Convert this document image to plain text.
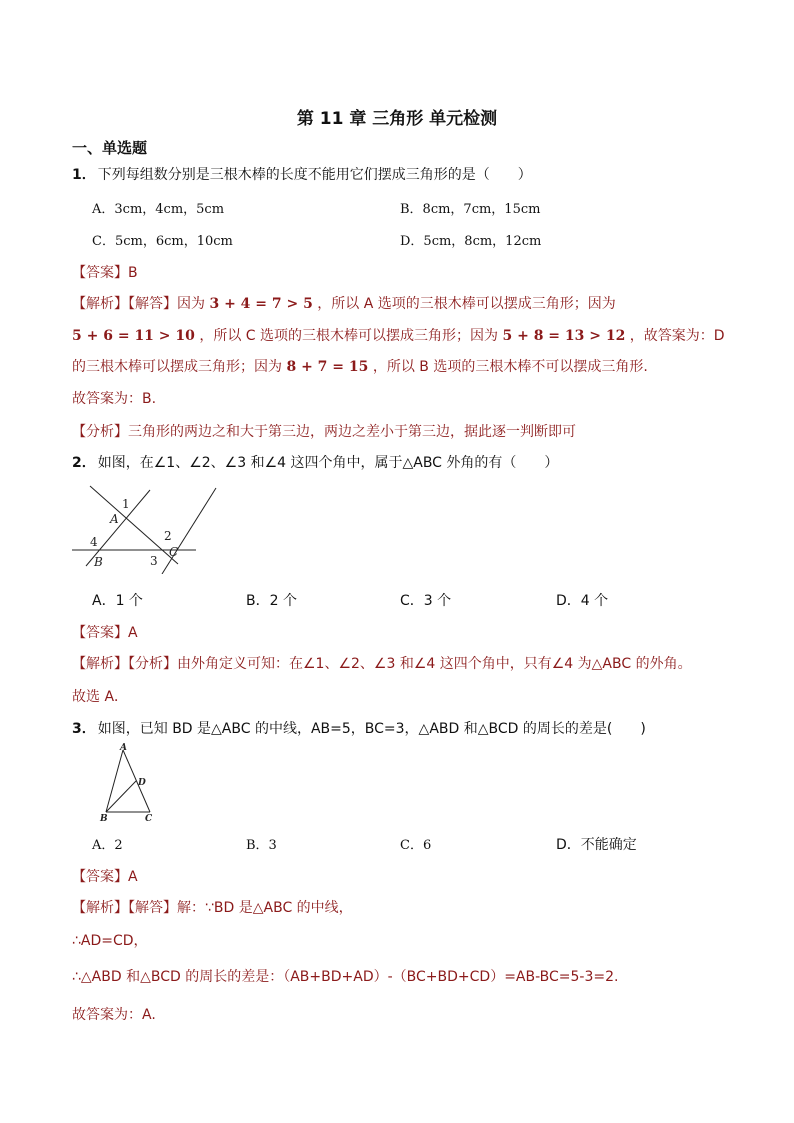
第 11 章 三角形 单元检测
一、单选题
1． 下列每组数分别是三根木棒的长度不能用它们摆成三角形的是（　　）
A．3cm，4cm，5cm	B．8cm，7cm，15cm
C．5cm，6cm，10cm	D．5cm，8cm，12cm
【答案】B
【解析】【解答】因为 3 + 4 = 7 > 5 ，所以 A 选项的三根木棒可以摆成三角形；因为
5 + 6 = 11 > 10 ，所以 C 选项的三根木棒可以摆成三角形；因为 5 + 8 = 13 > 12 ，故答案为：D
的三根木棒可以摆成三角形；因为 8 + 7 = 15 ，所以 B 选项的三根木棒不可以摆成三角形.
故答案为：B.
【分析】三角形的两边之和大于第三边，两边之差小于第三边，据此逐一判断即可
2． 如图，在∠1、∠2、∠3 和∠4 这四个角中，属于△ABC 外角的有（　　）
1
A
2
4
B	3
C
A．1 个	B．2 个	C．3 个	D．4 个
【答案】A
【解析】【分析】由外角定义可知：在∠1、∠2、∠3 和∠4 这四个角中，只有∠4 为△ABC 的外角。
故选 A．
3． 如图，已知 BD 是△ABC 的中线，AB=5，BC=3，△ABD 和△BCD 的周长的差是(　　)
A
D
B	C
A．2	B．3	C．6	D．不能确定
【答案】A
【解析】【解答】解：∵BD 是△ABC 的中线，
∴AD=CD，
∴△ABD 和△BCD 的周长的差是：（AB+BD+AD）-（BC+BD+CD）=AB-BC=5-3=2.
故答案为：A.
